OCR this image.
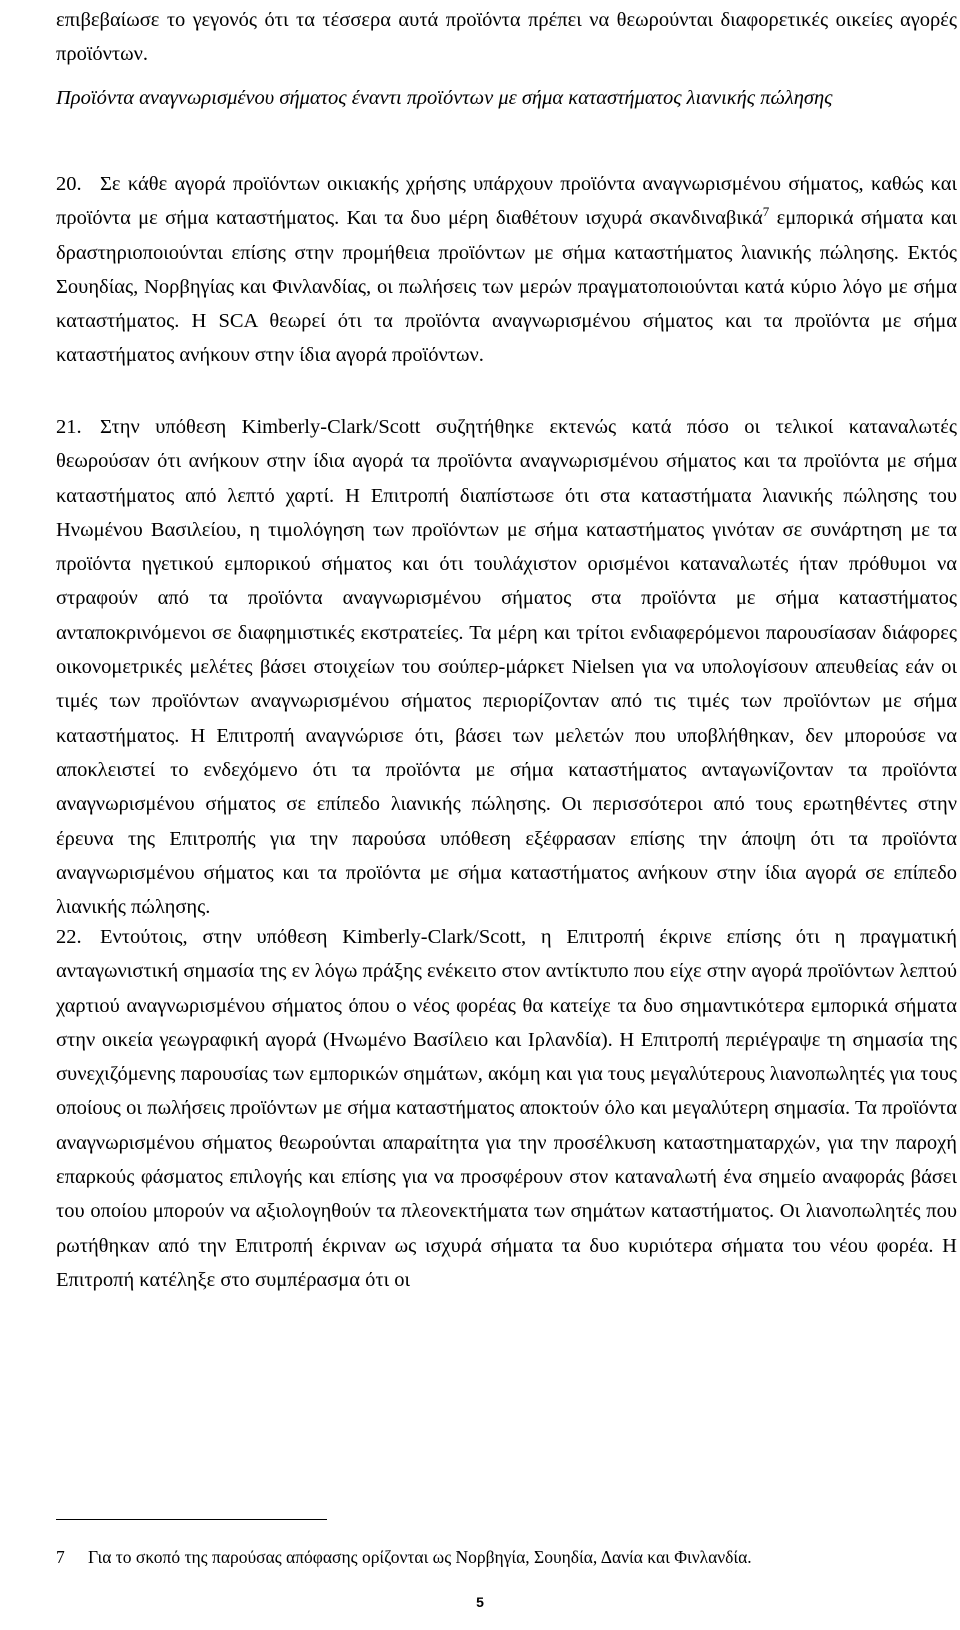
επιβεβαίωσε το γεγονός ότι τα τέσσερα αυτά προϊόντα πρέπει να θεωρούνται διαφορετικές οικείες αγορές προϊόντων.
Προϊόντα αναγνωρισμένου σήματος έναντι προϊόντων με σήμα καταστήματος λιανικής πώλησης
20. Σε κάθε αγορά προϊόντων οικιακής χρήσης υπάρχουν προϊόντα αναγνωρισμένου σήματος, καθώς και προϊόντα με σήμα καταστήματος. Και τα δυο μέρη διαθέτουν ισχυρά σκανδιναβικά$^7$ εμπορικά σήματα και δραστηριοποιούνται επίσης στην προμήθεια προϊόντων με σήμα καταστήματος λιανικής πώλησης. Εκτός Σουηδίας, Νορβηγίας και Φινλανδίας, οι πωλήσεις των μερών πραγματοποιούνται κατά κύριο λόγο με σήμα καταστήματος. Η SCA θεωρεί ότι τα προϊόντα αναγνωρισμένου σήματος και τα προϊόντα με σήμα καταστήματος ανήκουν στην ίδια αγορά προϊόντων.
21. Στην υπόθεση Kimberly-Clark/Scott συζητήθηκε εκτενώς κατά πόσο οι τελικοί καταναλωτές θεωρούσαν ότι ανήκουν στην ίδια αγορά τα προϊόντα αναγνωρισμένου σήματος και τα προϊόντα με σήμα καταστήματος από λεπτό χαρτί. Η Επιτροπή διαπίστωσε ότι στα καταστήματα λιανικής πώλησης του Ηνωμένου Βασιλείου, η τιμολόγηση των προϊόντων με σήμα καταστήματος γινόταν σε συνάρτηση με τα προϊόντα ηγετικού εμπορικού σήματος και ότι τουλάχιστον ορισμένοι καταναλωτές ήταν πρόθυμοι να στραφούν από τα προϊόντα αναγνωρισμένου σήματος στα προϊόντα με σήμα καταστήματος ανταποκρινόμενοι σε διαφημιστικές εκστρατείες. Τα μέρη και τρίτοι ενδιαφερόμενοι παρουσίασαν διάφορες οικονομετρικές μελέτες βάσει στοιχείων του σούπερ-μάρκετ Nielsen για να υπολογίσουν απευθείας εάν οι τιμές των προϊόντων αναγνωρισμένου σήματος περιορίζονταν από τις τιμές των προϊόντων με σήμα καταστήματος. Η Επιτροπή αναγνώρισε ότι, βάσει των μελετών που υποβλήθηκαν, δεν μπορούσε να αποκλειστεί το ενδεχόμενο ότι τα προϊόντα με σήμα καταστήματος ανταγωνίζονταν τα προϊόντα αναγνωρισμένου σήματος σε επίπεδο λιανικής πώλησης. Οι περισσότεροι από τους ερωτηθέντες στην έρευνα της Επιτροπής για την παρούσα υπόθεση εξέφρασαν επίσης την άποψη ότι τα προϊόντα αναγνωρισμένου σήματος και τα προϊόντα με σήμα καταστήματος ανήκουν στην ίδια αγορά σε επίπεδο λιανικής πώλησης.
22. Εντούτοις, στην υπόθεση Kimberly-Clark/Scott, η Επιτροπή έκρινε επίσης ότι η πραγματική ανταγωνιστική σημασία της εν λόγω πράξης ενέκειτο στον αντίκτυπο που είχε στην αγορά προϊόντων λεπτού χαρτιού αναγνωρισμένου σήματος όπου ο νέος φορέας θα κατείχε τα δυο σημαντικότερα εμπορικά σήματα στην οικεία γεωγραφική αγορά (Ηνωμένο Βασίλειο και Ιρλανδία). Η Επιτροπή περιέγραψε τη σημασία της συνεχιζόμενης παρουσίας των εμπορικών σημάτων, ακόμη και για τους μεγαλύτερους λιανοπωλητές για τους οποίους οι πωλήσεις προϊόντων με σήμα καταστήματος αποκτούν όλο και μεγαλύτερη σημασία. Τα προϊόντα αναγνωρισμένου σήματος θεωρούνται απαραίτητα για την προσέλκυση καταστηματαρχών, για την παροχή επαρκούς φάσματος επιλογής και επίσης για να προσφέρουν στον καταναλωτή ένα σημείο αναφοράς βάσει του οποίου μπορούν να αξιολογηθούν τα πλεονεκτήματα των σημάτων καταστήματος. Οι λιανοπωλητές που ρωτήθηκαν από την Επιτροπή έκριναν ως ισχυρά σήματα τα δυο κυριότερα σήματα του νέου φορέα. Η Επιτροπή κατέληξε στο συμπέρασμα ότι οι
7 Για το σκοπό της παρούσας απόφασης ορίζονται ως Νορβηγία, Σουηδία, Δανία και Φινλανδία.
5
